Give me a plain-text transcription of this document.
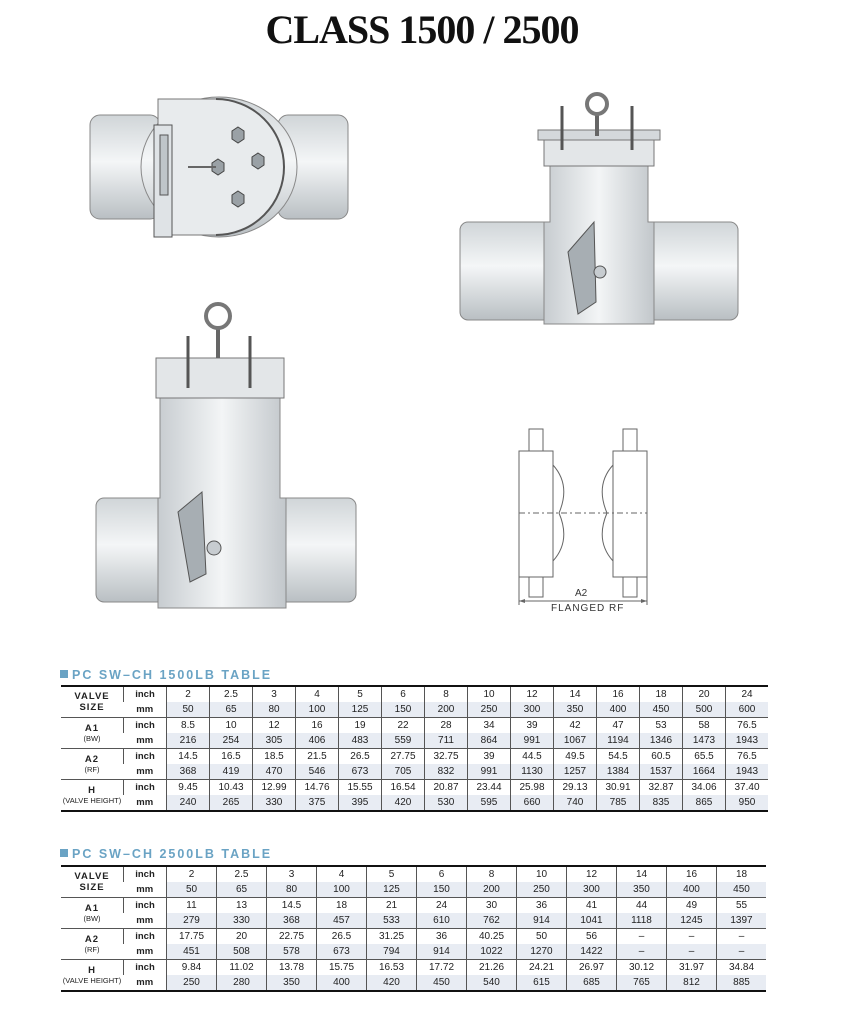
CLASS 1500 / 2500
A2
FLANGED RF
PC SW–CH 1500LB TABLE
VALVE
SIZE	inch	2	2.5	3	4	5	6	8	10	12	14	16	18	20	24
	mm	50	65	80	100	125	150	200	250	300	350	400	450	500	600

A1
(BW)	inch	8.5	10	12	16	19	22	28	34	39	42	47	53	58	76.5
	mm	216	254	305	406	483	559	711	864	991	1067	1194	1346	1473	1943

A2
(RF)	inch	14.5	16.5	18.5	21.5	26.5	27.75	32.75	39	44.5	49.5	54.5	60.5	65.5	76.5
	mm	368	419	470	546	673	705	832	991	1130	1257	1384	1537	1664	1943

H
(VALVE HEIGHT)	inch	9.45	10.43	12.99	14.76	15.55	16.54	20.87	23.44	25.98	29.13	30.91	32.87	34.06	37.40
	mm	240	265	330	375	395	420	530	595	660	740	785	835	865	950
PC SW–CH 2500LB TABLE
VALVE
SIZE	inch	2	2.5	3	4	5	6	8	10	12	14	16	18
	mm	50	65	80	100	125	150	200	250	300	350	400	450

A1
(BW)	inch	11	13	14.5	18	21	24	30	36	41	44	49	55
	mm	279	330	368	457	533	610	762	914	1041	1118	1245	1397

A2
(RF)	inch	17.75	20	22.75	26.5	31.25	36	40.25	50	56	–	–	–
	mm	451	508	578	673	794	914	1022	1270	1422	–	–	–

H
(VALVE HEIGHT)	inch	9.84	11.02	13.78	15.75	16.53	17.72	21.26	24.21	26.97	30.12	31.97	34.84
	mm	250	280	350	400	420	450	540	615	685	765	812	885
